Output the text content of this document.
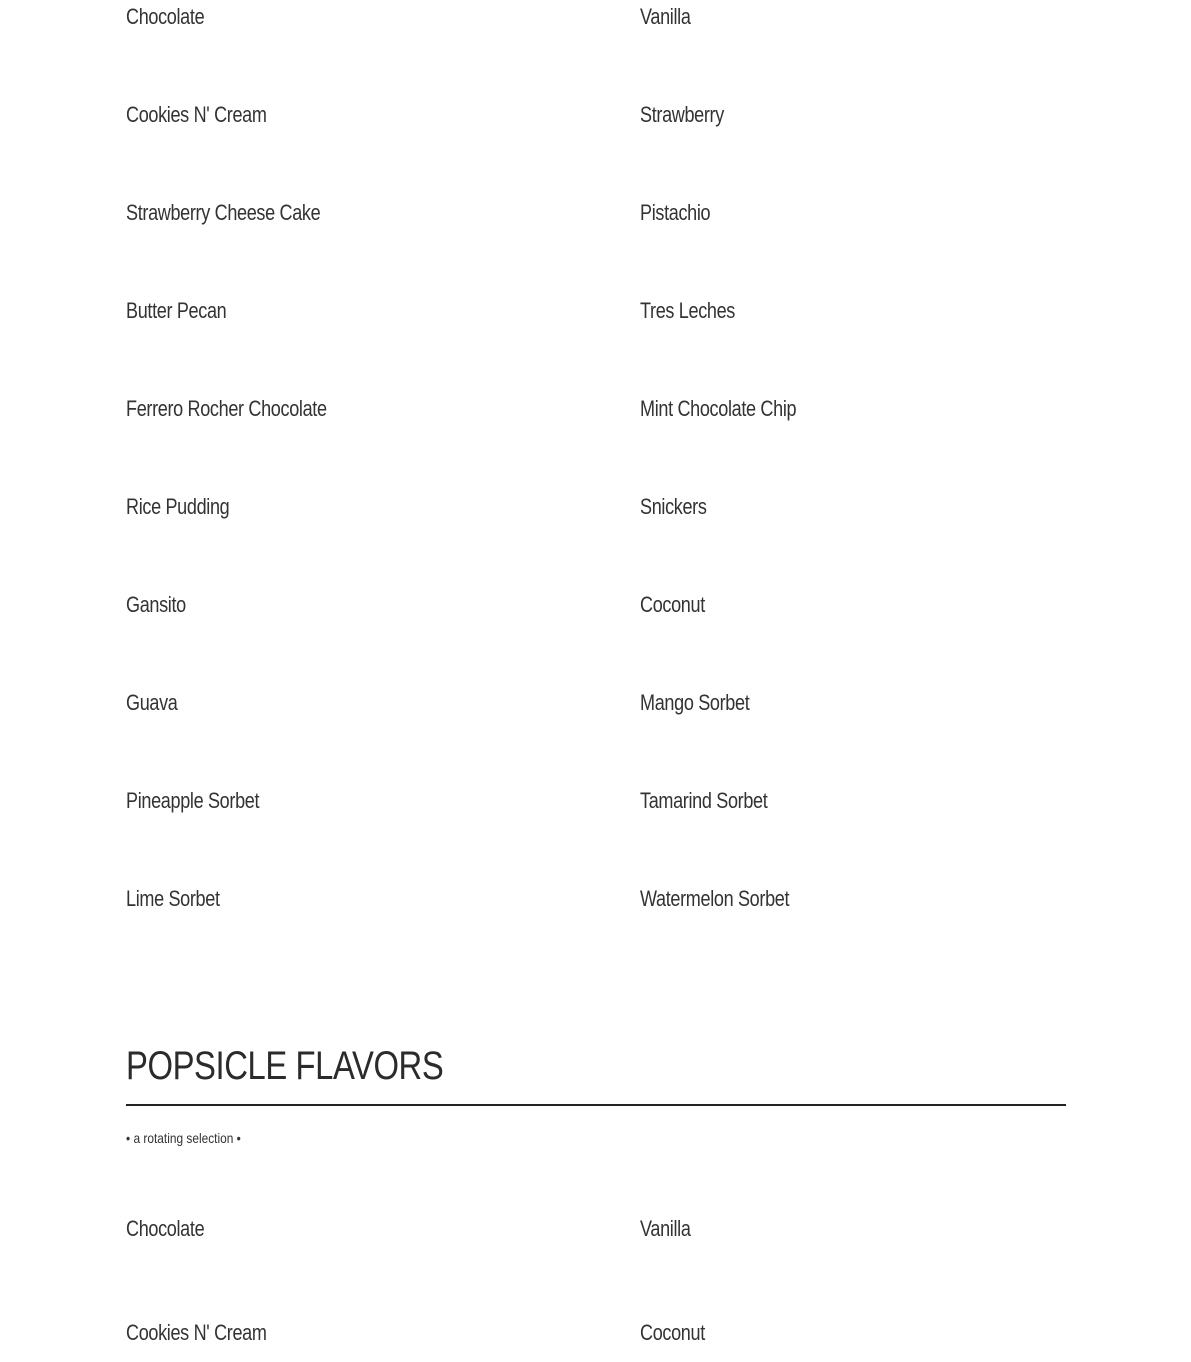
Chocolate	Vanilla
Cookies N' Cream	Strawberry
Strawberry Cheese Cake	Pistachio
Butter Pecan	Tres Leches
Ferrero Rocher Chocolate	Mint Chocolate Chip
Rice Pudding	Snickers
Gansito	Coconut
Guava	Mango Sorbet
Pineapple Sorbet	Tamarind Sorbet
Lime Sorbet	Watermelon Sorbet
POPSICLE FLAVORS
• a rotating selection •
Chocolate	Vanilla
Cookies N' Cream	Coconut
